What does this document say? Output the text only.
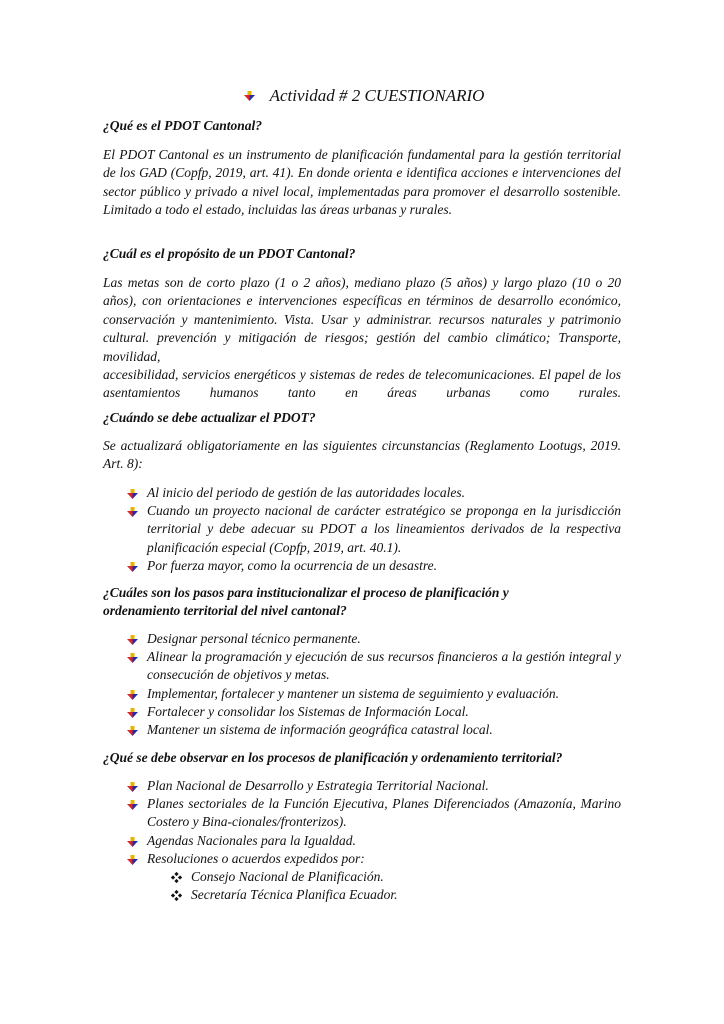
Actividad # 2 CUESTIONARIO
¿Qué es el PDOT Cantonal?
El PDOT Cantonal es un instrumento de planificación fundamental para la gestión territorial de los GAD (Copfp, 2019, art. 41). En donde orienta e identifica acciones e intervenciones del sector público y privado a nivel local, implementadas para promover el desarrollo sostenible. Limitado a todo el estado, incluidas las áreas urbanas y rurales.
¿Cuál es el propósito de un PDOT Cantonal?
Las metas son de corto plazo (1 o 2 años), mediano plazo (5 años) y largo plazo (10 o 20 años), con orientaciones e intervenciones específicas en términos de desarrollo económico, conservación y mantenimiento. Vista. Usar y administrar. recursos naturales y patrimonio cultural. prevención y mitigación de riesgos; gestión del cambio climático; Transporte, movilidad,
accesibilidad, servicios energéticos y sistemas de redes de telecomunicaciones. El papel de los asentamientos humanos tanto en áreas urbanas como rurales.
¿Cuándo se debe actualizar el PDOT?
Se actualizará obligatoriamente en las siguientes circunstancias (Reglamento Lootugs, 2019. Art. 8):
Al inicio del periodo de gestión de las autoridades locales.
Cuando un proyecto nacional de carácter estratégico se proponga en la jurisdicción territorial y debe adecuar su PDOT a los lineamientos derivados de la respectiva planificación especial (Copfp, 2019, art. 40.1).
Por fuerza mayor, como la ocurrencia de un desastre.
¿Cuáles son los pasos para institucionalizar el proceso de planificación y ordenamiento territorial del nivel cantonal?
Designar personal técnico permanente.
Alinear la programación y ejecución de sus recursos financieros a la gestión integral y consecución de objetivos y metas.
Implementar, fortalecer y mantener un sistema de seguimiento y evaluación.
Fortalecer y consolidar los Sistemas de Información Local.
Mantener un sistema de información geográfica catastral local.
¿Qué se debe observar en los procesos de planificación y ordenamiento territorial?
Plan Nacional de Desarrollo y Estrategia Territorial Nacional.
Planes sectoriales de la Función Ejecutiva, Planes Diferenciados (Amazonía, Marino Costero y Bina-cionales/fronterizos).
Agendas Nacionales para la Igualdad.
Resoluciones o acuerdos expedidos por:
Consejo Nacional de Planificación.
Secretaría Técnica Planifica Ecuador.
